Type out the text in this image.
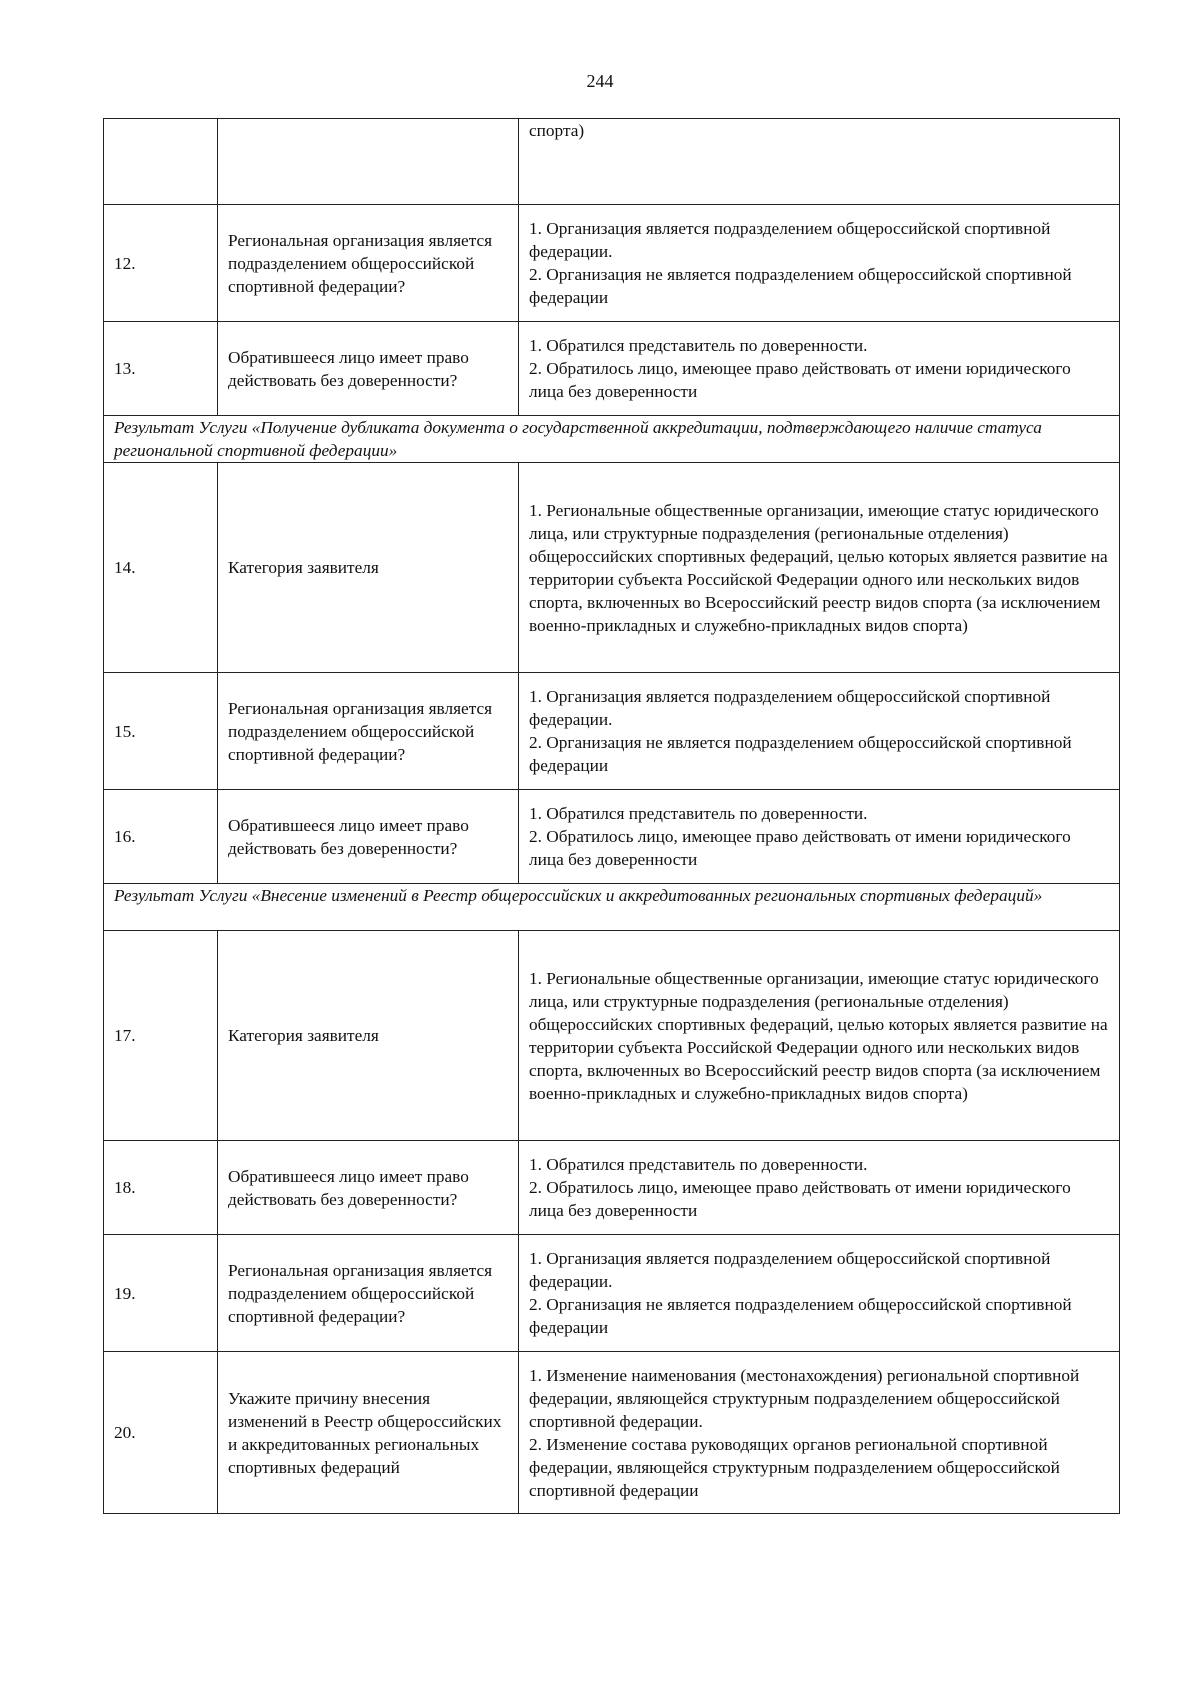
244
		спорта)
12.	Региональная организация является подразделением общероссийской спортивной федерации?	1. Организация является подразделением общероссийской спортивной федерации.
2. Организация не является подразделением общероссийской спортивной федерации

13.	Обратившееся лицо имеет право действовать без доверенности?	1. Обратился представитель по доверенности.
2. Обратилось лицо, имеющее право действовать от имени юридического лица без доверенности

Результат Услуги «Получение дубликата документа о государственной аккредитации, подтверждающего наличие статуса региональной спортивной федерации»		
14.	Категория заявителя	1. Региональные общественные организации, имеющие статус юридического лица, или структурные подразделения (региональные отделения) общероссийских спортивных федераций, целью которых является развитие на территории субъекта Российской Федерации одного или нескольких видов спорта, включенных во Всероссийский реестр видов спорта (за исключением военно-прикладных и служебно-прикладных видов спорта)

15.	Региональная организация является подразделением общероссийской спортивной федерации?	1. Организация является подразделением общероссийской спортивной федерации.
2. Организация не является подразделением общероссийской спортивной федерации

16.	Обратившееся лицо имеет право действовать без доверенности?	1. Обратился представитель по доверенности.
2. Обратилось лицо, имеющее право действовать от имени юридического лица без доверенности

Результат Услуги «Внесение изменений в Реестр общероссийских и аккредитованных региональных спортивных федераций»		
17.	Категория заявителя	1. Региональные общественные организации, имеющие статус юридического лица, или структурные подразделения (региональные отделения) общероссийских спортивных федераций, целью которых является развитие на территории субъекта Российской Федерации одного или нескольких видов спорта, включенных во Всероссийский реестр видов спорта (за исключением военно-прикладных и служебно-прикладных видов спорта)

18.	Обратившееся лицо имеет право действовать без доверенности?	1. Обратился представитель по доверенности.
2. Обратилось лицо, имеющее право действовать от имени юридического лица без доверенности

19.	Региональная организация является подразделением общероссийской спортивной федерации?	1. Организация является подразделением общероссийской спортивной федерации.
2. Организация не является подразделением общероссийской спортивной федерации

20.	Укажите причину внесения изменений в Реестр общероссийских и аккредитованных региональных спортивных федераций	1. Изменение наименования (местонахождения) региональной спортивной федерации, являющейся структурным подразделением общероссийской спортивной федерации.
2. Изменение состава руководящих органов региональной спортивной федерации, являющейся структурным подразделением общероссийской спортивной федерации
